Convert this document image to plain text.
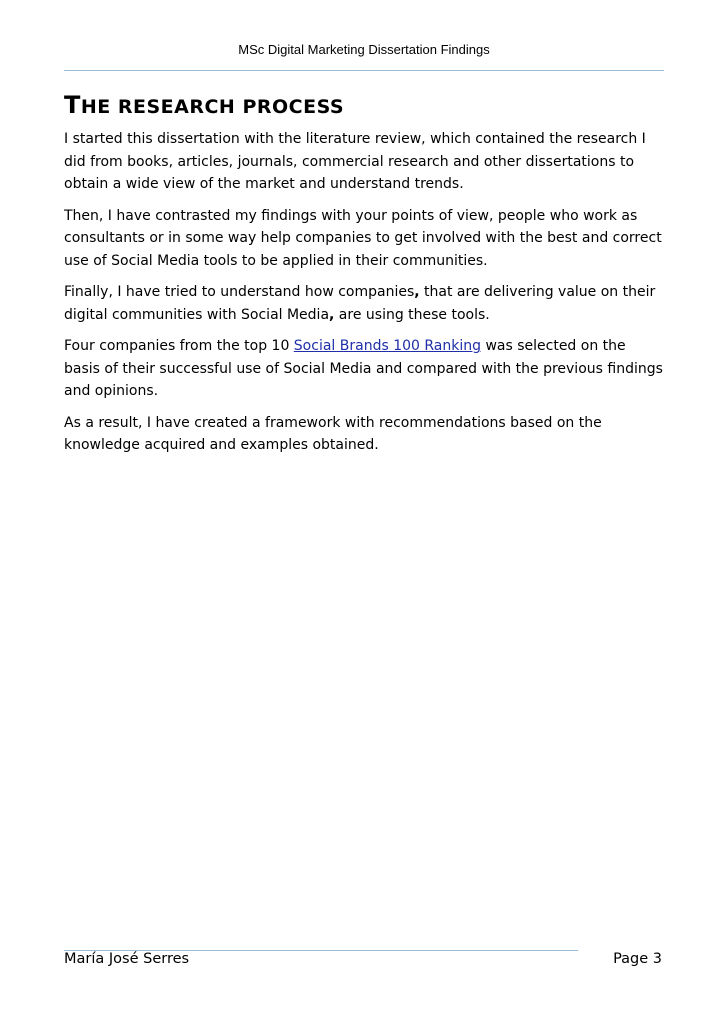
MSc Digital Marketing Dissertation Findings
THE RESEARCH PROCESS

I started this dissertation with the literature review, which contained the research I did from books, articles, journals, commercial research and other dissertations to obtain a wide view of the market and understand trends.

Then, I have contrasted my findings with your points of view, people who work as consultants or in some way help companies to get involved with the best and correct use of Social Media tools to be applied in their communities.

Finally, I have tried to understand how companies, that are delivering value on their digital communities with Social Media, are using these tools.

Four companies from the top 10 Social Brands 100 Ranking was selected on the basis of their successful use of Social Media and compared with the previous findings and opinions.

As a result, I have created a framework with recommendations based on the knowledge acquired and examples obtained.

María José Serres	Page 3
